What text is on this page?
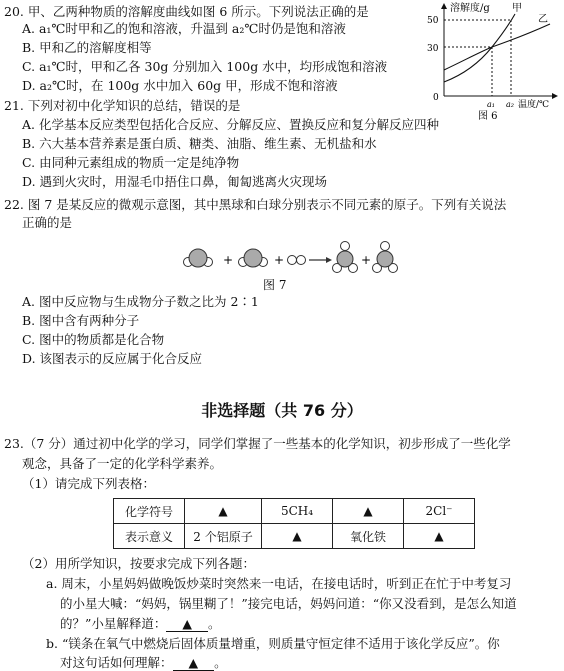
20. 甲、乙两种物质的溶解度曲线如图 6 所示。下列说法正确的是
A. a₁℃时甲和乙的饱和溶液，升温到 a₂℃时仍是饱和溶液
B. 甲和乙的溶解度相等
C. a₁℃时，甲和乙各 30g 分别加入 100g 水中，均形成饱和溶液
D. a₂℃时，在 100g 水中加入 60g 甲，形成不饱和溶液
溶解度/g 甲
乙
50
30
0
a₁ a₂ 温度/℃
图 6
21. 下列对初中化学知识的总结，错误的是
A. 化学基本反应类型包括化合反应、分解反应、置换反应和复分解反应四种
B. 六大基本营养素是蛋白质、糖类、油脂、维生素、无机盐和水
C. 由同种元素组成的物质一定是纯净物
D. 遇到火灾时，用湿毛巾捂住口鼻，匍匐逃离火灾现场
22. 图 7 是某反应的微观示意图，其中黑球和白球分别表示不同元素的原子。下列有关说法
正确的是
+	+	+
图 7
A. 图中反应物与生成物分子数之比为 2∶1
B. 图中含有两种分子
C. 图中的物质都是化合物
D. 该图表示的反应属于化合反应
非选择题（共 76 分）
23.（7 分）通过初中化学的学习，同学们掌握了一些基本的化学知识，初步形成了一些化学
观念，具备了一定的化学科学素养。
（1）请完成下列表格：
化学符号	▲	5CH₄	▲	2Cl⁻
表示意义	2 个铝原子	▲	氧化铁	▲
（2）用所学知识，按要求完成下列各题：
a. 周末，小星妈妈做晚饭炒菜时突然来一电话，在接电话时，听到正在忙于中考复习
的小星大喊：“妈妈，锅里糊了！”接完电话，妈妈问道：“你又没看到，是怎么知道
的？”小星解释道： ▲ 。
b. “镁条在氧气中燃烧后固体质量增重，则质量守恒定律不适用于该化学反应”。你
对这句话如何理解： ▲ 。
